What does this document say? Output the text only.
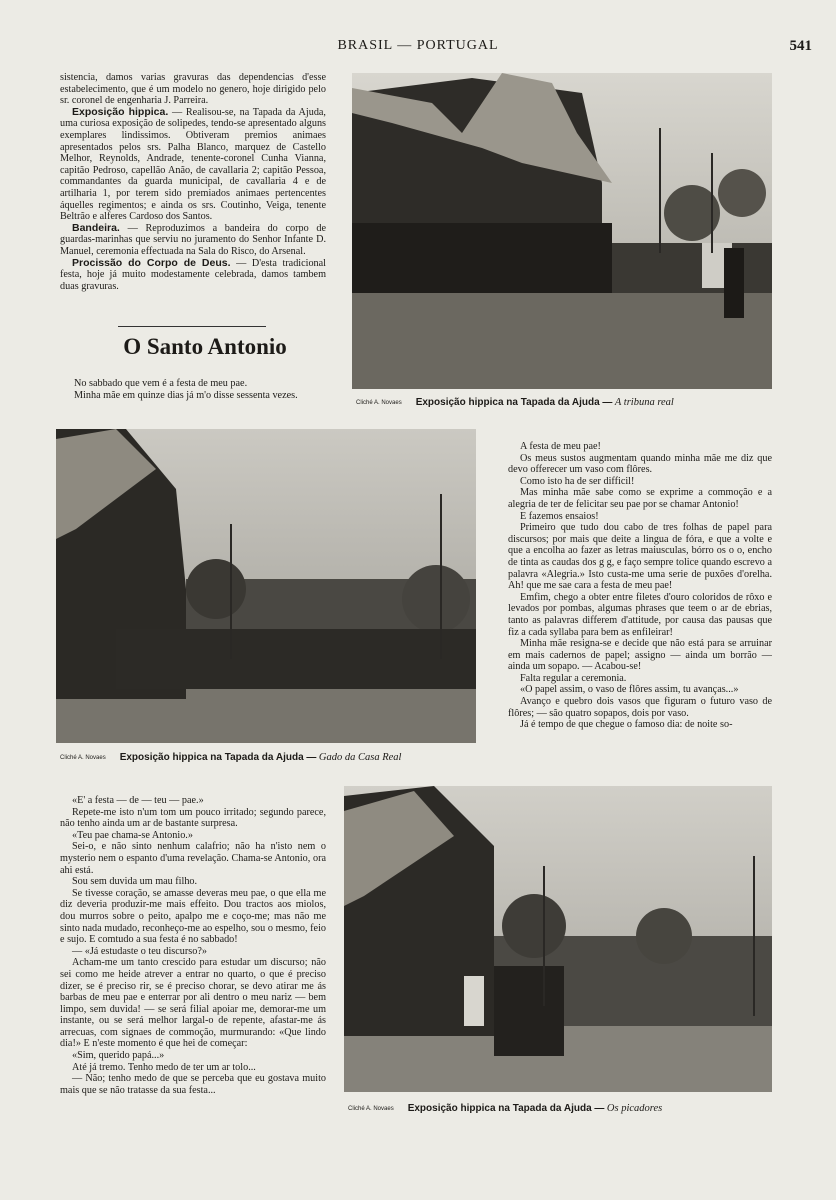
BRASIL — PORTUGAL	541

sistencia, damos varias gravuras das dependencias d'esse estabelecimento, que é um modelo no genero, hoje dirigido pelo sr. coronel de engenharia J. Parreira.

Exposição hippica. — Realisou-se, na Tapada da Ajuda, uma curiosa exposição de solipedes, tendo-se apresentado alguns exemplares lindissimos. Obtiveram premios animaes apresentados pelos srs. Palha Blanco, marquez de Castello Melhor, Reynolds, Andrade, tenente-coronel Cunha Vianna, capitão Pedroso, capellão Anão, de cavallaria 2; capitão Pessoa, commandantes da guarda municipal, de cavallaria 4 e de artilharia 1, por terem sido premiados animaes pertencentes áquelles regimentos; e ainda os srs. Coutinho, Veiga, tenente Beltrão e alferes Cardoso dos Santos.

Bandeira. — Reproduzimos a bandeira do corpo de guardas-marinhas que serviu no juramento do Senhor Infante D. Manuel, ceremonia effectuada na Sala do Risco, do Arsenal.

Procissão do Corpo de Deus. — D'esta tradicional festa, hoje já muito modestamente celebrada, damos tambem duas gravuras.

O Santo Antonio

No sabbado que vem é a festa de meu pae.

Minha mãe em quinze dias já m'o disse sessenta vezes.

Cliché A. Novaes Exposição hippica na Tapada da Ajuda — A tribuna real
Cliché A. Novaes Exposição hippica na Tapada da Ajuda — Gado da Casa Real

A festa de meu pae!

Os meus sustos augmentam quando minha mãe me diz que devo offerecer um vaso com flôres.

Como isto ha de ser difficil!

Mas minha mãe sabe como se exprime a commoção e a alegria de ter de felicitar seu pae por se chamar Antonio!

E fazemos ensaios!

Primeiro que tudo dou cabo de tres folhas de papel para discursos; por mais que deite a lingua de fóra, e que a volte e que a encolha ao fazer as letras maiusculas, bórro os o o, encho de tinta as caudas dos g g, e faço sempre tolice quando escrevo a palavra «Alegria.» Isto custa-me uma serie de puxões d'orelha. Ah! que me sae cara a festa de meu pae!

Emfim, chego a obter entre filetes d'ouro coloridos de rôxo e levados por pombas, algumas phrases que teem o ar de ebrias, tanto as palavras differem d'attitude, por causa das pausas que fiz a cada syllaba para bem as enfileirar!

Minha mãe resigna-se e decide que não está para se arruinar em mais cadernos de papel; assigno — ainda um borrão — ainda um sopapo. — Acabou-se!

Falta regular a ceremonia.

«O papel assim, o vaso de flôres assim, tu avanças...»

Avanço e quebro dois vasos que figuram o futuro vaso de flôres; — são quatro sopapos, dois por vaso.

Já é tempo de que chegue o famoso dia: de noite so-

«E' a festa — de — teu — pae.»

Repete-me isto n'um tom um pouco irritado; segundo parece, não tenho ainda um ar de bastante surpresa.

«Teu pae chama-se Antonio.»

Sei-o, e não sinto nenhum calafrio; não ha n'isto nem o mysterio nem o espanto d'uma revelação. Chama-se Antonio, ora ahi está.

Sou sem duvida um mau filho.

Se tivesse coração, se amasse deveras meu pae, o que ella me diz deveria produzir-me mais effeito. Dou tractos aos miolos, dou murros sobre o peito, apalpo me e coço-me; mas não me sinto nada mudado, reconheço-me ao espelho, sou o mesmo, feio e sujo. E comtudo a sua festa é no sabbado!

— «Já estudaste o teu discurso?»

Acham-me um tanto crescido para estudar um discurso; não sei como me heide atrever a entrar no quarto, o que é preciso dizer, se é preciso rir, se é preciso chorar, se devo atirar me ás barbas de meu pae e enterrar por ali dentro o meu nariz — bem limpo, sem duvida! — se será filial apoiar me, demorar-me um instante, ou se será melhor largal-o de repente, afastar-me ás arrecuas, com signaes de commoção, murmurando: «Que lindo dia!» E n'este momento é que hei de começar:

«Sim, querido papá...»

Até já tremo. Tenho medo de ter um ar tolo...

— Não; tenho medo de que se perceba que eu gostava muito mais que se não tratasse da sua festa...

Cliché A. Novaes Exposição hippica na Tapada da Ajuda — Os picadores
